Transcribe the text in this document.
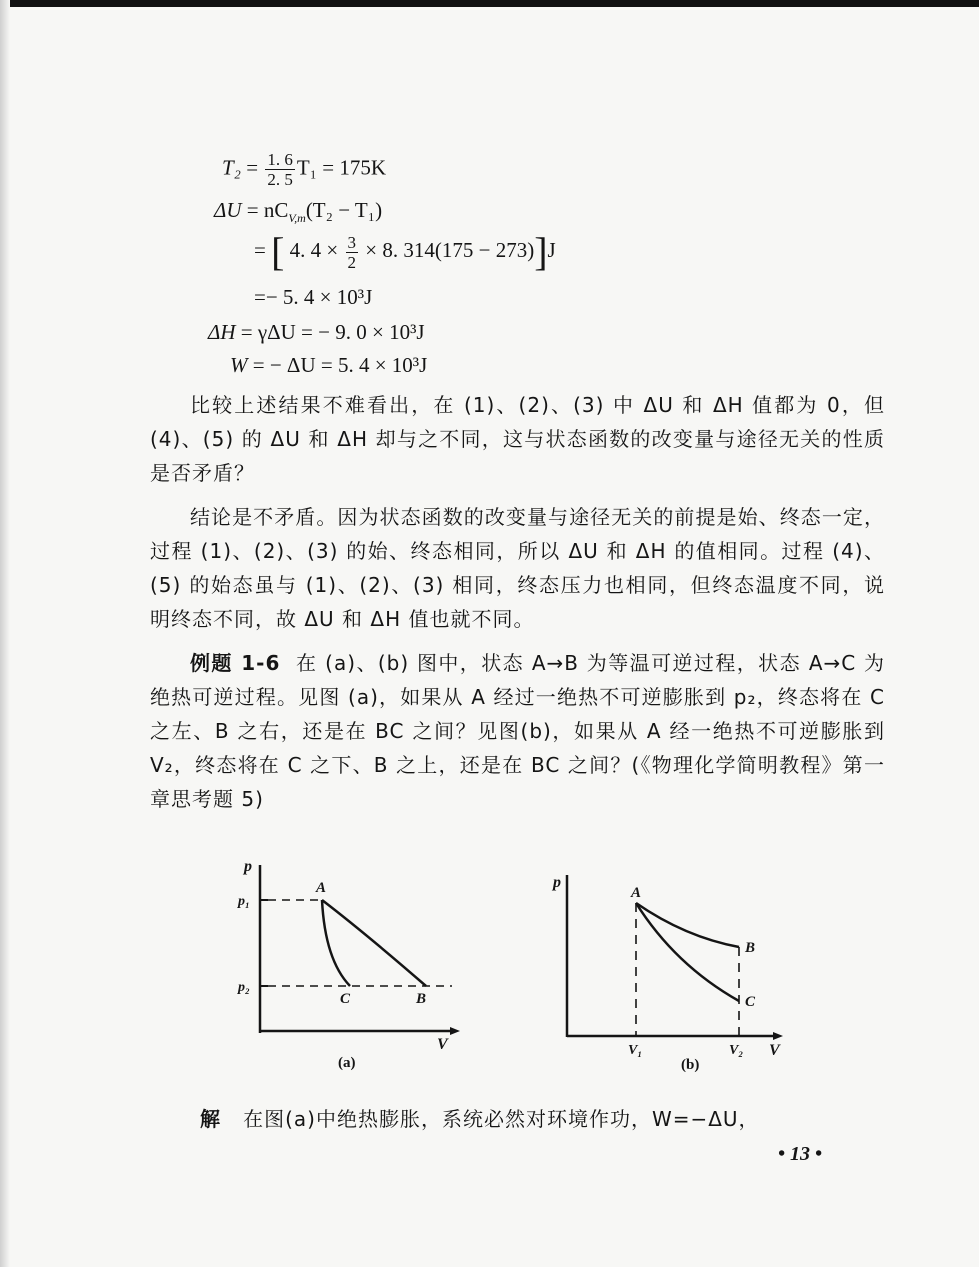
$T_2 = \frac{1. 6}{2. 5} T_1 = 175K$
$\Delta U = nC_{V,m}(T_2 - T_1)$
= [ 4. $4 \times \frac{3}{2} \times 8$. 314(175 − 273)]J
=− 5. 4 × 10³J
ΔH = γΔU = − 9. 0 × 10³J
W = − ΔU = 5. 4 × 10³J

比较上述结果不难看出，在 (1)、(2)、(3) 中 ΔU 和 ΔH 值都为 0，但 (4)、(5) 的 ΔU 和 ΔH 却与之不同，这与状态函数的改变量与途径无关的性质是否矛盾？

结论是不矛盾。因为状态函数的改变量与途径无关的前提是始、终态一定，过程 (1)、(2)、(3) 的始、终态相同，所以 ΔU 和 ΔH 的值相同。过程 (4)、(5) 的始态虽与 (1)、(2)、(3) 相同，终态压力也相同，但终态温度不同，说明终态不同，故 ΔU 和 ΔH 值也就不同。

例题 1-6 在 (a)、(b) 图中，状态 A→B 为等温可逆过程，状态 A→C 为绝热可逆过程。见图 (a)，如果从 A 经过一绝热不可逆膨胀到 p₂，终态将在 C 之左、B 之右，还是在 BC 之间？见图(b)，如果从 A 经一绝热不可逆膨胀到 V₂，终态将在 C 之下、B 之上，还是在 BC 之间？(《物理化学简明教程》第一章思考题 5)

p
V
p₁
p₂
A
C	B
(a)
p
V
V₁	V₂
A
B
C
(b)
解 在图(a)中绝热膨胀，系统必然对环境作功，W=−ΔU，
• 13 •
